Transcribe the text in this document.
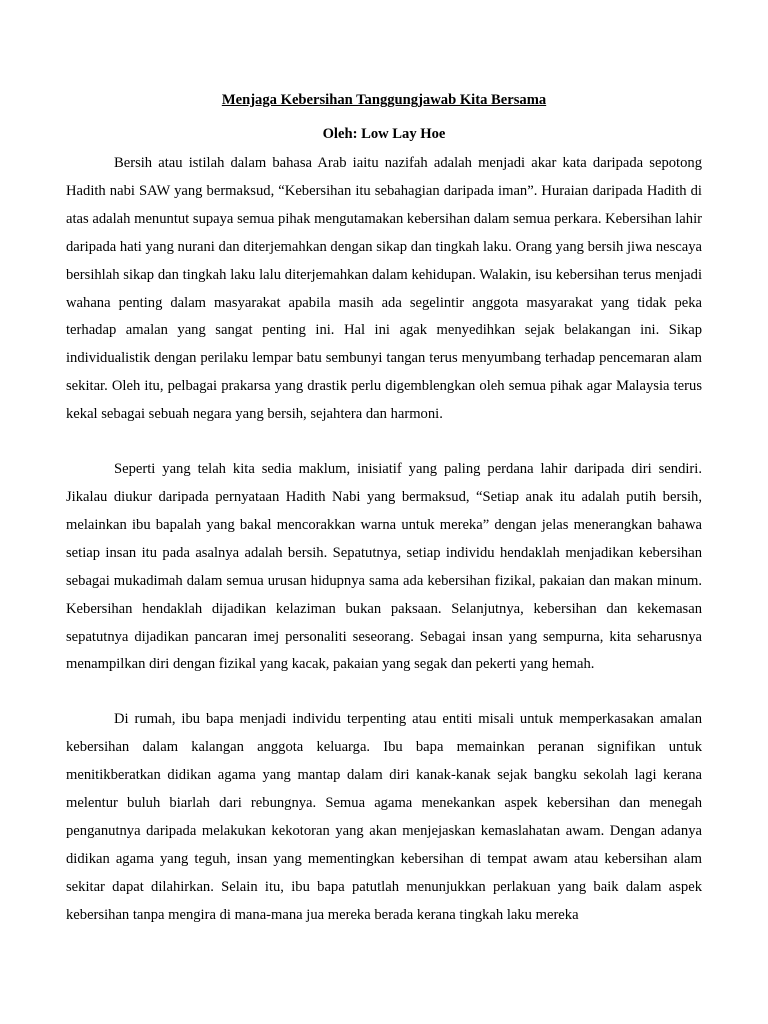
Menjaga Kebersihan Tanggungjawab Kita Bersama

Oleh: Low Lay Hoe

Bersih atau istilah dalam bahasa Arab iaitu nazifah adalah menjadi akar kata daripada sepotong Hadith nabi SAW yang bermaksud, “Kebersihan itu sebahagian daripada iman”. Huraian daripada Hadith di atas adalah menuntut supaya semua pihak mengutamakan kebersihan dalam semua perkara. Kebersihan lahir daripada hati yang nurani dan diterjemahkan dengan sikap dan tingkah laku. Orang yang bersih jiwa nescaya bersihlah sikap dan tingkah laku lalu diterjemahkan dalam kehidupan. Walakin, isu kebersihan terus menjadi wahana penting dalam masyarakat apabila masih ada segelintir anggota masyarakat yang tidak peka terhadap amalan yang sangat penting ini. Hal ini agak menyedihkan sejak belakangan ini. Sikap individualistik dengan perilaku lempar batu sembunyi tangan terus menyumbang terhadap pencemaran alam sekitar. Oleh itu, pelbagai prakarsa yang drastik perlu digemblengkan oleh semua pihak agar Malaysia terus kekal sebagai sebuah negara yang bersih, sejahtera dan harmoni.

Seperti yang telah kita sedia maklum, inisiatif yang paling perdana lahir daripada diri sendiri. Jikalau diukur daripada pernyataan Hadith Nabi yang bermaksud, “Setiap anak itu adalah putih bersih, melainkan ibu bapalah yang bakal mencorakkan warna untuk mereka” dengan jelas menerangkan bahawa setiap insan itu pada asalnya adalah bersih. Sepatutnya, setiap individu hendaklah menjadikan kebersihan sebagai mukadimah dalam semua urusan hidupnya sama ada kebersihan fizikal, pakaian dan makan minum. Kebersihan hendaklah dijadikan kelaziman bukan paksaan. Selanjutnya, kebersihan dan kekemasan sepatutnya dijadikan pancaran imej personaliti seseorang. Sebagai insan yang sempurna, kita seharusnya menampilkan diri dengan fizikal yang kacak, pakaian yang segak dan pekerti yang hemah.

Di rumah, ibu bapa menjadi individu terpenting atau entiti misali untuk memperkasakan amalan kebersihan dalam kalangan anggota keluarga. Ibu bapa memainkan peranan signifikan untuk menitikberatkan didikan agama yang mantap dalam diri kanak-kanak sejak bangku sekolah lagi kerana melentur buluh biarlah dari rebungnya. Semua agama menekankan aspek kebersihan dan menegah penganutnya daripada melakukan kekotoran yang akan menjejaskan kemaslahatan awam. Dengan adanya didikan agama yang teguh, insan yang mementingkan kebersihan di tempat awam atau kebersihan alam sekitar dapat dilahirkan. Selain itu, ibu bapa patutlah menunjukkan perlakuan yang baik dalam aspek kebersihan tanpa mengira di mana-mana jua mereka berada kerana tingkah laku mereka
